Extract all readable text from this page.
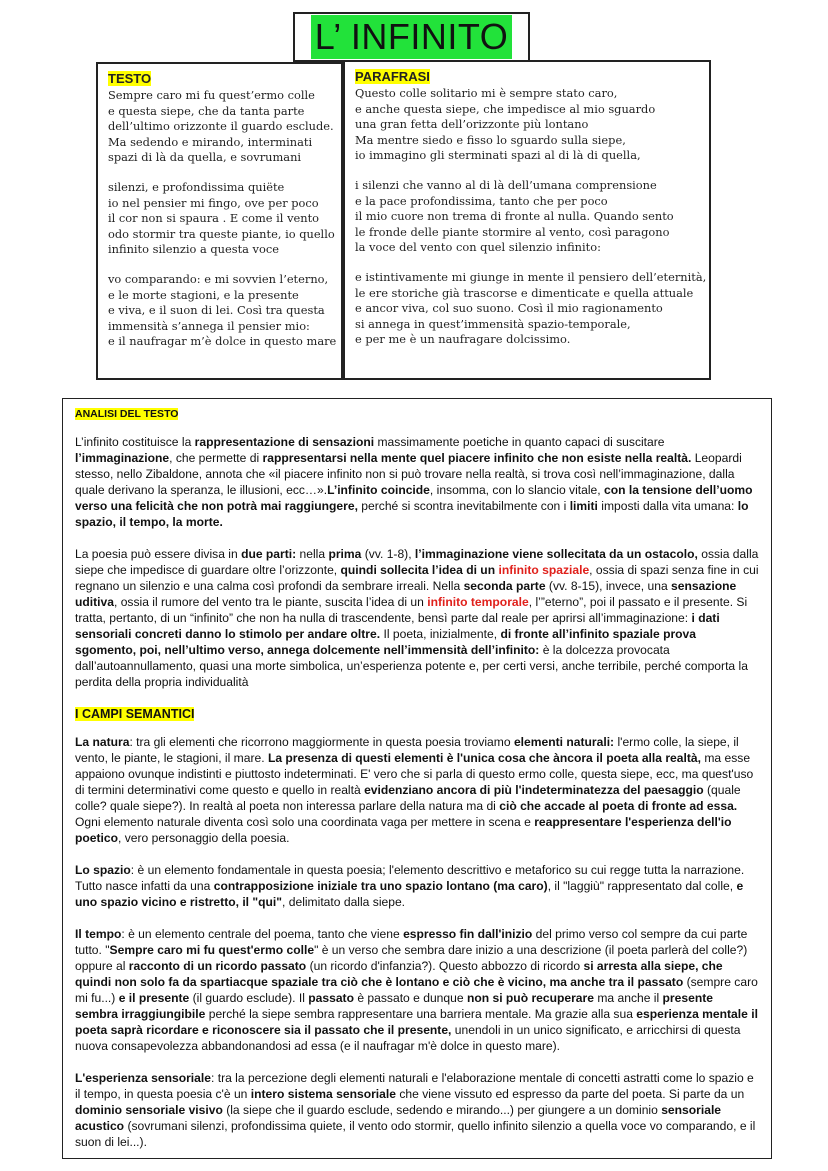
L’ INFINITO
TESTO
Sempre caro mi fu quest’ermo colle
e questa siepe, che da tanta parte
dell’ultimo orizzonte il guardo esclude.
Ma sedendo e mirando, interminati
spazi di là da quella, e sovrumani
silenzi, e profondissima quiëte
io nel pensier mi fingo, ove per poco
il cor non si spaura . E come il vento
odo stormir tra queste piante, io quello
infinito silenzio a questa voce
vo comparando: e mi sovvien l’eterno,
e le morte stagioni, e la presente
e viva, e il suon di lei. Così tra questa
immensità s’annega il pensier mio:
e il naufragar m’è dolce in questo mare
PARAFRASI
Questo colle solitario mi è sempre stato caro,
e anche questa siepe, che impedisce al mio sguardo
una gran fetta dell’orizzonte più lontano
Ma mentre siedo e fisso lo sguardo sulla siepe,
io immagino gli sterminati spazi al di là di quella,
i silenzi che vanno al di là dell’umana comprensione
e la pace profondissima, tanto che per poco
il mio cuore non trema di fronte al nulla. Quando sento
le fronde delle piante stormire al vento, così paragono
la voce del vento con quel silenzio infinito:
e istintivamente mi giunge in mente il pensiero dell’eternità,
le ere storiche già trascorse e dimenticate e quella attuale
e ancor viva, col suo suono. Così il mio ragionamento
si annega in quest’immensità spazio-temporale,
e per me è un naufragare dolcissimo.
ANALISI DEL TESTO

L’infinito costituisce la rappresentazione di sensazioni massimamente poetiche in quanto capaci di suscitare l’immaginazione, che permette di rappresentarsi nella mente quel piacere infinito che non esiste nella realtà. Leopardi stesso, nello Zibaldone, annota che «il piacere infinito non si può trovare nella realtà, si trova così nell’immaginazione, dalla quale derivano la speranza, le illusioni, ecc…».L’infinito coincide, insomma, con lo slancio vitale, con la tensione dell’uomo verso una felicità che non potrà mai raggiungere, perché si scontra inevitabilmente con i limiti imposti dalla vita umana: lo spazio, il tempo, la morte.

La poesia può essere divisa in due parti: nella prima (vv. 1-8), l’immaginazione viene sollecitata da un ostacolo, ossia dalla siepe che impedisce di guardare oltre l’orizzonte, quindi sollecita l’idea di un infinito spaziale, ossia di spazi senza fine in cui regnano un silenzio e una calma così profondi da sembrare irreali. Nella seconda parte (vv. 8-15), invece, una sensazione uditiva, ossia il rumore del vento tra le piante, suscita l’idea di un infinito temporale, l’”eterno”, poi il passato e il presente. Si tratta, pertanto, di un “infinito” che non ha nulla di trascendente, bensì parte dal reale per aprirsi all’immaginazione: i dati sensoriali concreti danno lo stimolo per andare oltre. Il poeta, inizialmente, di fronte all’infinito spaziale prova sgomento, poi, nell’ultimo verso, annega dolcemente nell’immensità dell’infinito: è la dolcezza provocata dall’autoannullamento, quasi una morte simbolica, un’esperienza potente e, per certi versi, anche terribile, perché comporta la perdita della propria individualità

I CAMPI SEMANTICI

La natura: tra gli elementi che ricorrono maggiormente in questa poesia troviamo elementi naturali: l'ermo colle, la siepe, il vento, le piante, le stagioni, il mare. La presenza di questi elementi è l'unica cosa che àncora il poeta alla realtà, ma esse appaiono ovunque indistinti e piuttosto indeterminati. E' vero che si parla di questo ermo colle, questa siepe, ecc, ma quest'uso di termini determinativi come questo e quello in realtà evidenziano ancora di più l'indeterminatezza del paesaggio (quale colle? quale siepe?). In realtà al poeta non interessa parlare della natura ma di ciò che accade al poeta di fronte ad essa. Ogni elemento naturale diventa così solo una coordinata vaga per mettere in scena e reappresentare l'esperienza dell'io poetico, vero personaggio della poesia.

Lo spazio: è un elemento fondamentale in questa poesia; l'elemento descrittivo e metaforico su cui regge tutta la narrazione. Tutto nasce infatti da una contrapposizione iniziale tra uno spazio lontano (ma caro), il "laggiù" rappresentato dal colle, e uno spazio vicino e ristretto, il "qui", delimitato dalla siepe.

Il tempo: è un elemento centrale del poema, tanto che viene espresso fin dall'inizio del primo verso col sempre da cui parte tutto. "Sempre caro mi fu quest'ermo colle" è un verso che sembra dare inizio a una descrizione (il poeta parlerà del colle?) oppure al racconto di un ricordo passato (un ricordo d'infanzia?). Questo abbozzo di ricordo si arresta alla siepe, che quindi non solo fa da spartiacque spaziale tra ciò che è lontano e ciò che è vicino, ma anche tra il passato (sempre caro mi fu...) e il presente (il guardo esclude). Il passato è passato e dunque non si può recuperare ma anche il presente sembra irraggiungibile perché la siepe sembra rappresentare una barriera mentale. Ma grazie alla sua esperienza mentale il poeta saprà ricordare e riconoscere sia il passato che il presente, unendoli in un unico significato, e arricchirsi di questa nuova consapevolezza abbandonandosi ad essa (e il naufragar m'è dolce in questo mare).

L'esperienza sensoriale: tra la percezione degli elementi naturali e l'elaborazione mentale di concetti astratti come lo spazio e il tempo, in questa poesia c'è un intero sistema sensoriale che viene vissuto ed espresso da parte del poeta. Si parte da un dominio sensoriale visivo (la siepe che il guardo esclude, sedendo e mirando...) per giungere a un dominio sensoriale acustico (sovrumani silenzi, profondissima quiete, il vento odo stormir, quello infinito silenzio a quella voce vo comparando, e il suon di lei...).
